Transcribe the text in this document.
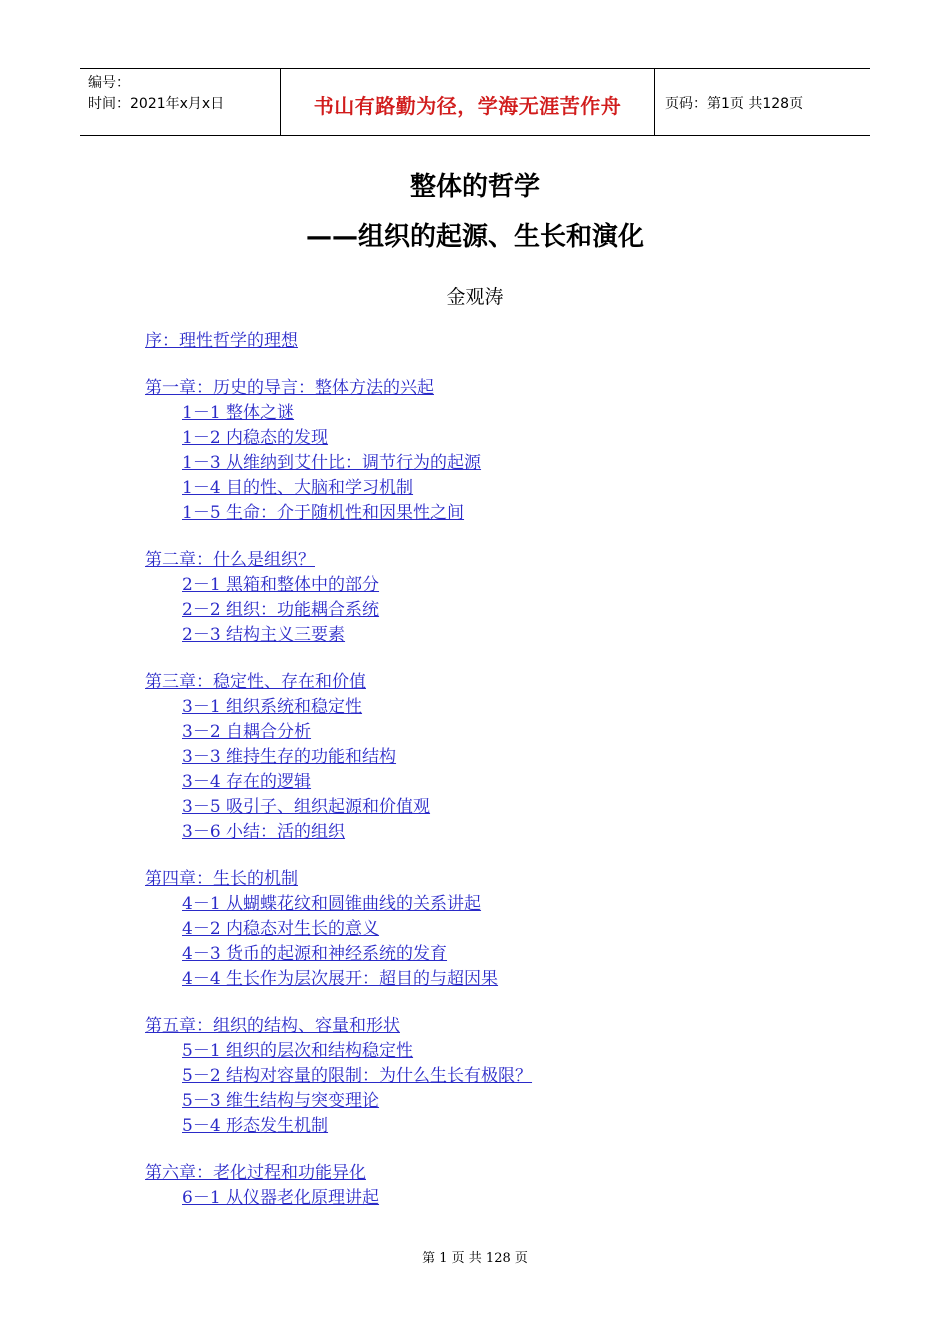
编号：
时间：2021年x月x日	书山有路勤为径，学海无涯苦作舟	页码：第1页 共128页
整体的哲学
——组织的起源、生长和演化
金观涛
序：理性哲学的理想
第一章：历史的导言：整体方法的兴起
1－1 整体之谜
1－2 内稳态的发现
1－3 从维纳到艾什比：调节行为的起源
1－4 目的性、大脑和学习机制
1－5 生命：介于随机性和因果性之间
第二章：什么是组织？
2－1 黑箱和整体中的部分
2－2 组织：功能耦合系统
2－3 结构主义三要素
第三章：稳定性、存在和价值
3－1 组织系统和稳定性
3－2 自耦合分析
3－3 维持生存的功能和结构
3－4 存在的逻辑
3－5 吸引子、组织起源和价值观
3－6 小结：活的组织
第四章：生长的机制
4－1 从蝴蝶花纹和圆锥曲线的关系讲起
4－2 内稳态对生长的意义
4－3 货币的起源和神经系统的发育
4－4 生长作为层次展开：超目的与超因果
第五章：组织的结构、容量和形状
5－1 组织的层次和结构稳定性
5－2 结构对容量的限制：为什么生长有极限？
5－3 维生结构与突变理论
5－4 形态发生机制
第六章：老化过程和功能异化
6－1 从仪器老化原理讲起
第 1 页 共 128 页
